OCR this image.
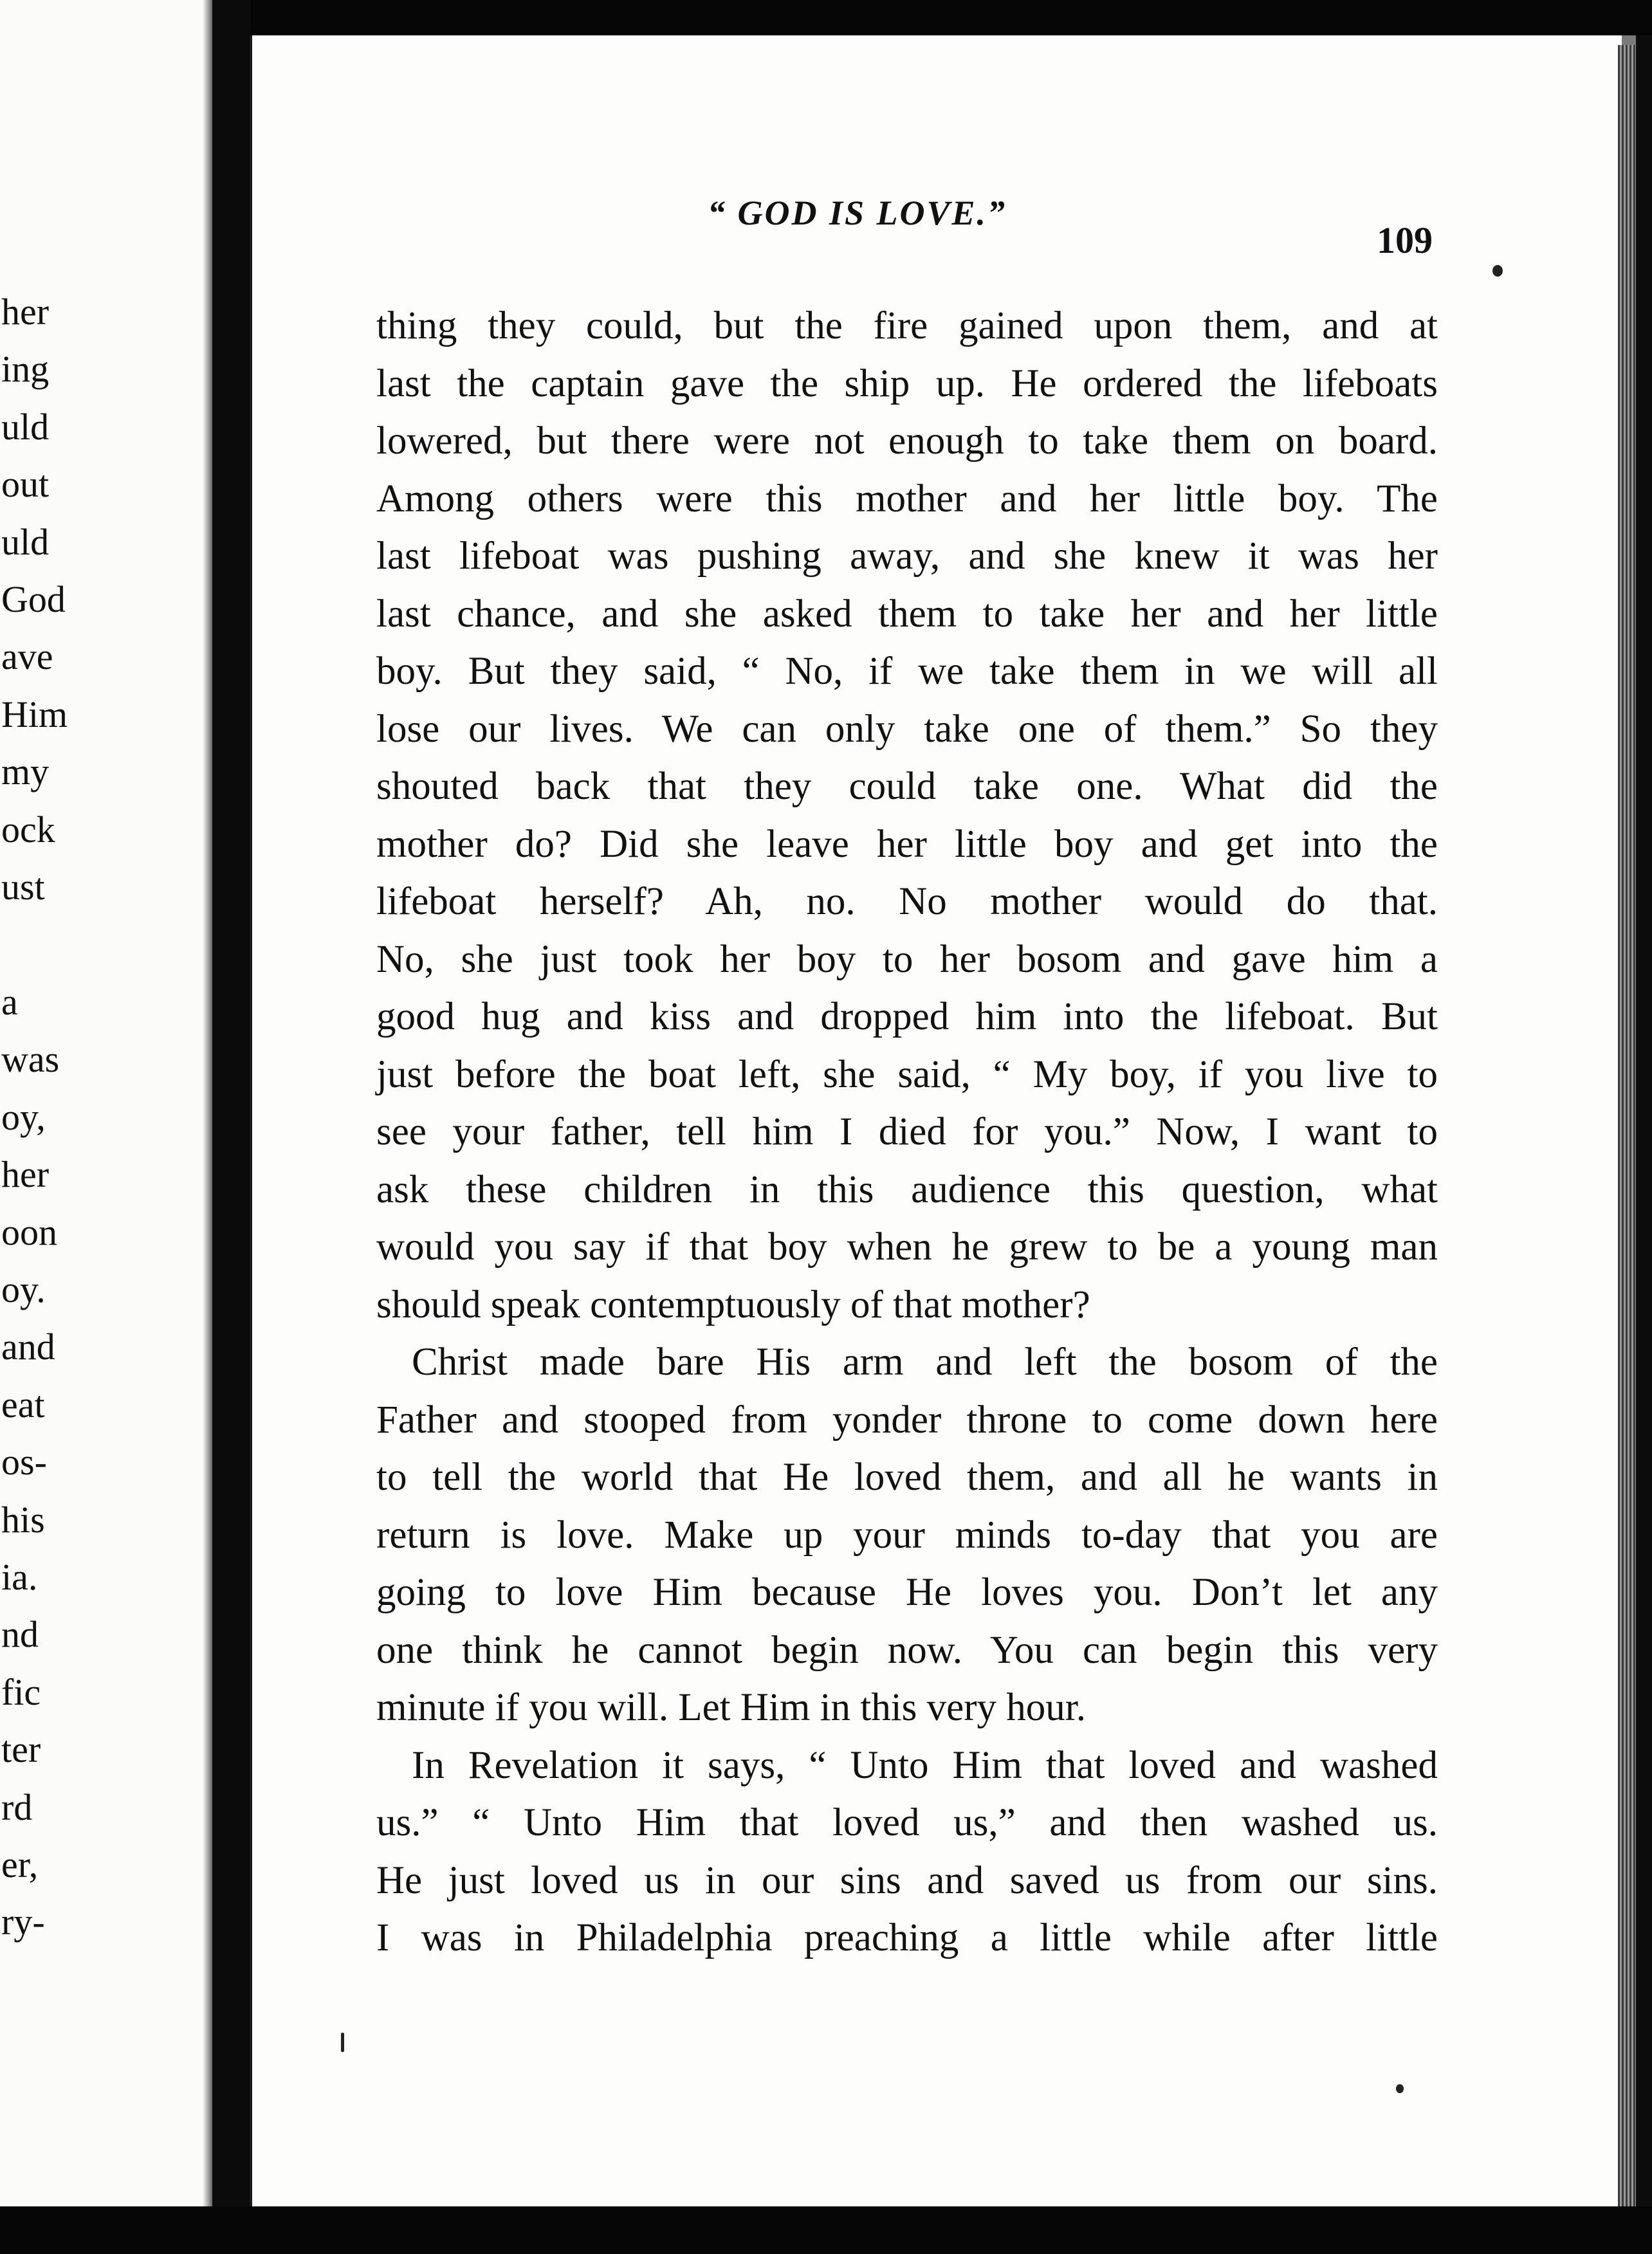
her
ing
uld
out
uld
God
ave
Him
my
ock
ust

a
was
oy,
her
oon
oy.
and
eat
os-
his
ia.
nd
fic
ter
rd
er,
ry-
“ GOD IS LOVE.”
109
thing they could, but the fire gained upon them, and at
last the captain gave the ship up. He ordered the lifeboats
lowered, but there were not enough to take them on board.
Among others were this mother and her little boy. The
last lifeboat was pushing away, and she knew it was her
last chance, and she asked them to take her and her little
boy. But they said, “ No, if we take them in we will all
lose our lives. We can only take one of them.” So they
shouted back that they could take one. What did the
mother do? Did she leave her little boy and get into the
lifeboat herself? Ah, no. No mother would do that.
No, she just took her boy to her bosom and gave him a
good hug and kiss and dropped him into the lifeboat. But
just before the boat left, she said, “ My boy, if you live to
see your father, tell him I died for you.” Now, I want to
ask these children in this audience this question, what
would you say if that boy when he grew to be a young man
should speak contemptuously of that mother?
Christ made bare His arm and left the bosom of the
Father and stooped from yonder throne to come down here
to tell the world that He loved them, and all he wants in
return is love. Make up your minds to-day that you are
going to love Him because He loves you. Don’t let any
one think he cannot begin now. You can begin this very
minute if you will. Let Him in this very hour.
In Revelation it says, “ Unto Him that loved and washed
us.” “ Unto Him that loved us,” and then washed us.
He just loved us in our sins and saved us from our sins.
I was in Philadelphia preaching a little while after little
